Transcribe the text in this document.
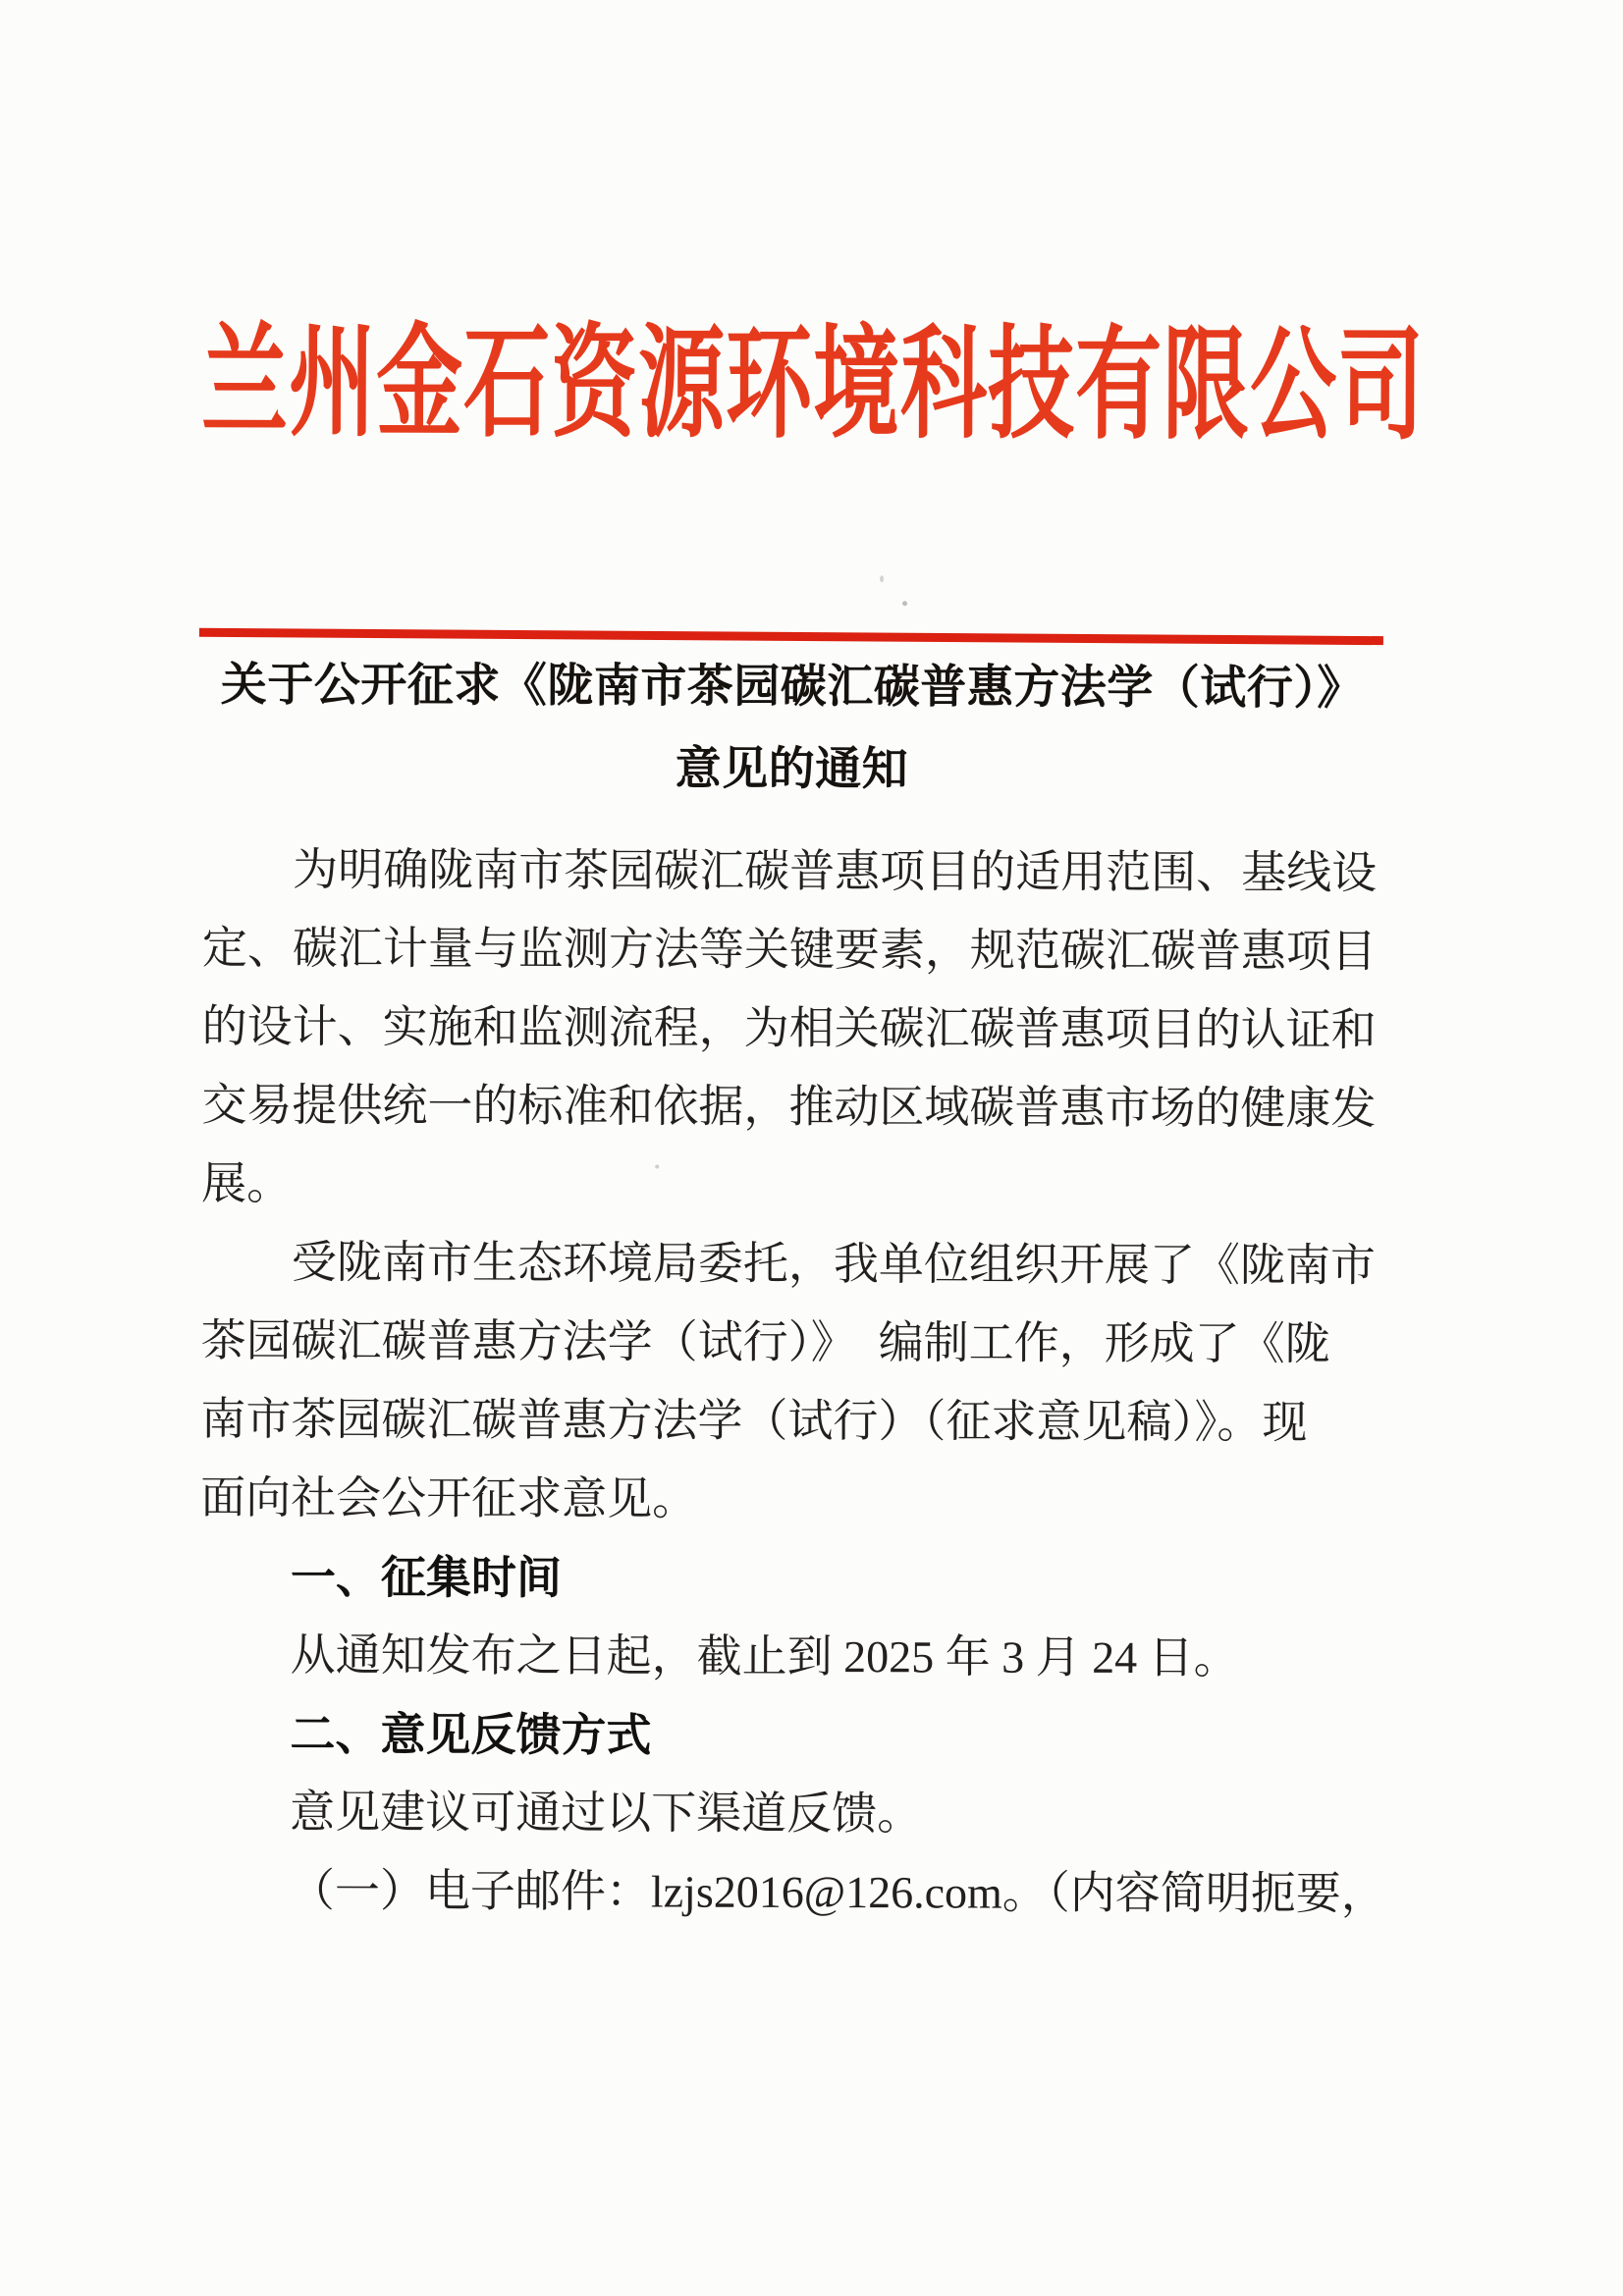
兰州金石资源环境科技有限公司
关于公开征求《陇南市茶园碳汇碳普惠方法学（试行）》
意见的通知
为明确陇南市茶园碳汇碳普惠项目的适用范围、基线设
定、碳汇计量与监测方法等关键要素，规范碳汇碳普惠项目
的设计、实施和监测流程，为相关碳汇碳普惠项目的认证和
交易提供统一的标准和依据，推动区域碳普惠市场的健康发
展。
受陇南市生态环境局委托，我单位组织开展了《陇南市
茶园碳汇碳普惠方法学（试行）》　编制工作，形成了《陇
南市茶园碳汇碳普惠方法学（试行）（征求意见稿）》。现
面向社会公开征求意见。
一、征集时间
从通知发布之日起，截止到 2025 年 3 月 24 日。
二、意见反馈方式
意见建议可通过以下渠道反馈。
（一）电子邮件：lzjs2016@126.com。（内容简明扼要，
